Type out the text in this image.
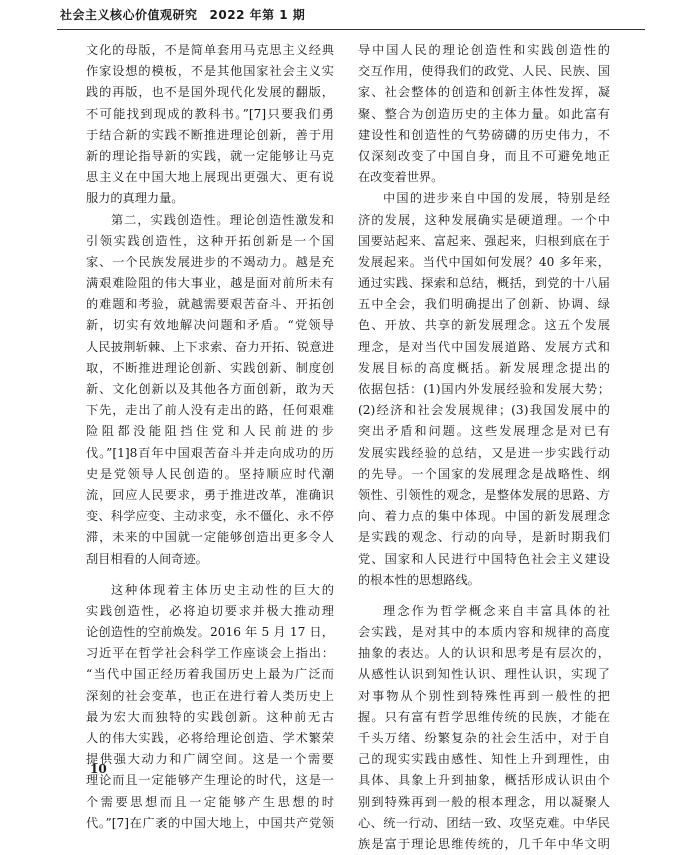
社会主义核心价值观研究 2022 年第 1 期
文化的母版，不是简单套用马克思主义经典
作家设想的模板，不是其他国家社会主义实
践的再版，也不是国外现代化发展的翻版，
不可能找到现成的教科书。”[7]只要我们勇
于结合新的实践不断推进理论创新，善于用
新的理论指导新的实践，就一定能够让马克
思主义在中国大地上展现出更强大、更有说
服力的真理力量。
第二，实践创造性。理论创造性激发和
引领实践创造性，这种开拓创新是一个国
家、一个民族发展进步的不竭动力。越是充
满艰难险阻的伟大事业，越是面对前所未有
的难题和考验，就越需要艰苦奋斗、开拓创
新，切实有效地解决问题和矛盾。“党领导
人民披荆斩棘、上下求索、奋力开拓、锐意进
取，不断推进理论创新、实践创新、制度创
新、文化创新以及其他各方面创新，敢为天
下先，走出了前人没有走出的路，任何艰难
险阻都没能阻挡住党和人民前进的步
伐。”[1]8百年中国艰苦奋斗并走向成功的历
史是党领导人民创造的。坚持顺应时代潮
流，回应人民要求，勇于推进改革，准确识
变、科学应变、主动求变，永不僵化、永不停
滞，未来的中国就一定能够创造出更多令人
刮目相看的人间奇迹。
这种体现着主体历史主动性的巨大的
实践创造性，必将迫切要求并极大推动理
论创造性的空前焕发。2016 年 5 月 17 日，
习近平在哲学社会科学工作座谈会上指出：
“当代中国正经历着我国历史上最为广泛而
深刻的社会变革，也正在进行着人类历史上
最为宏大而独特的实践创新。这种前无古
人的伟大实践，必将给理论创造、学术繁荣
提供强大动力和广阔空间。这是一个需要
理论而且一定能够产生理论的时代，这是一
个需要思想而且一定能够产生思想的时
代。”[7]在广袤的中国大地上，中国共产党领
导中国人民的理论创造性和实践创造性的
交互作用，使得我们的政党、人民、民族、国
家、社会整体的创造和创新主体性发挥，凝
聚、整合为创造历史的主体力量。如此富有
建设性和创造性的气势磅礴的历史伟力，不
仅深刻改变了中国自身，而且不可避免地正
在改变着世界。
中国的进步来自中国的发展，特别是经
济的发展，这种发展确实是硬道理。一个中
国要站起来、富起来、强起来，归根到底在于
发展起来。当代中国如何发展？40 多年来，
通过实践、探索和总结，概括，到党的十八届
五中全会，我们明确提出了创新、协调、绿
色、开放、共享的新发展理念。这五个发展
理念，是对当代中国发展道路、发展方式和
发展目标的高度概括。新发展理念提出的
依据包括：(1)国内外发展经验和发展大势；
(2)经济和社会发展规律；(3)我国发展中的
突出矛盾和问题。这些发展理念是对已有
发展实践经验的总结，又是进一步实践行动
的先导。一个国家的发展理念是战略性、纲
领性、引领性的观念，是整体发展的思路、方
向、着力点的集中体现。中国的新发展理念
是实践的观念、行动的向导，是新时期我们
党、国家和人民进行中国特色社会主义建设
的根本性的思想路线。
理念作为哲学概念来自丰富具体的社
会实践，是对其中的本质内容和规律的高度
抽象的表达。人的认识和思考是有层次的，
从感性认识到知性认识、理性认识，实现了
对事物从个别性到特殊性再到一般性的把
握。只有富有哲学思维传统的民族，才能在
千头万绪、纷繁复杂的社会生活中，对于自
己的现实实践由感性、知性上升到理性，由
具体、具象上升到抽象，概括形成认识由个
别到特殊再到一般的根本理念，用以凝聚人
心、统一行动、团结一致、攻坚克难。中华民
族是富于理论思维传统的，几千年中华文明
10
